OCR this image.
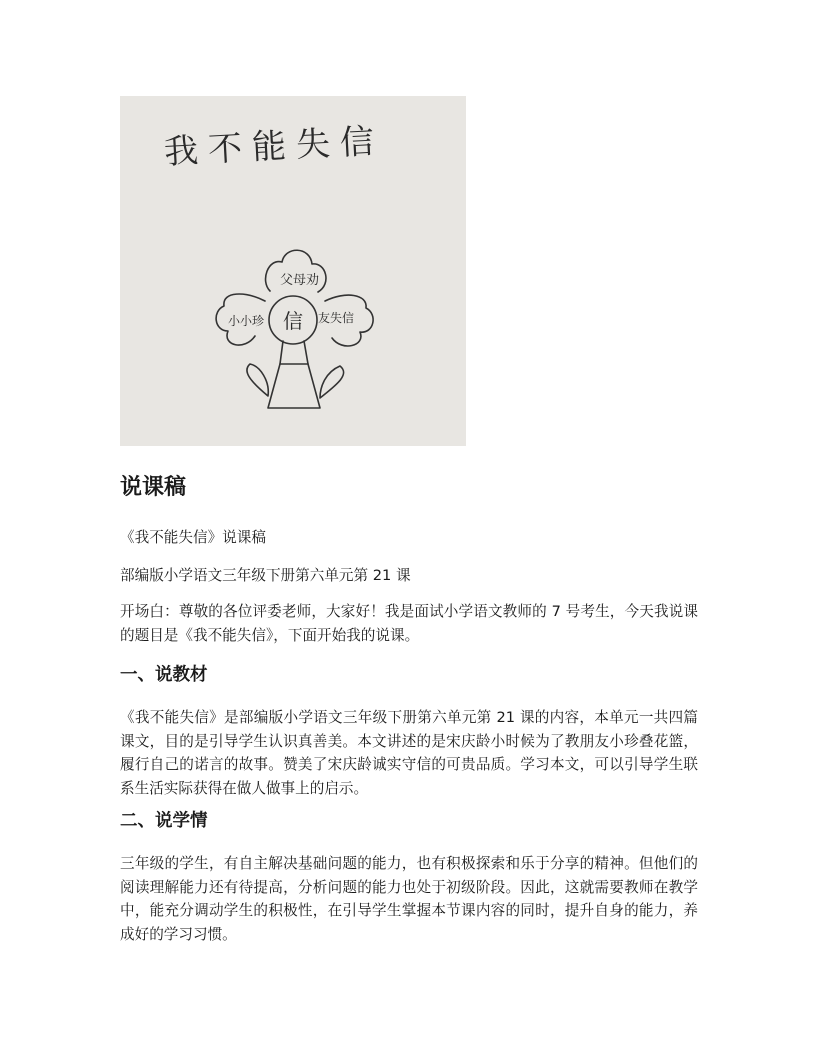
我不能失信
父母劝
小小珍	友失信
信
说课稿

《我不能失信》说课稿

部编版小学语文三年级下册第六单元第 21 课

开场白：尊敬的各位评委老师，大家好！我是面试小学语文教师的 7 号考生，今天我说课的题目是《我不能失信》，下面开始我的说课。

一、说教材

《我不能失信》是部编版小学语文三年级下册第六单元第 21 课的内容，本单元一共四篇课文，目的是引导学生认识真善美。本文讲述的是宋庆龄小时候为了教朋友小珍叠花篮，履行自己的诺言的故事。赞美了宋庆龄诚实守信的可贵品质。学习本文，可以引导学生联系生活实际获得在做人做事上的启示。

二、说学情

三年级的学生，有自主解决基础问题的能力，也有积极探索和乐于分享的精神。但他们的阅读理解能力还有待提高，分析问题的能力也处于初级阶段。因此，这就需要教师在教学中，能充分调动学生的积极性，在引导学生掌握本节课内容的同时，提升自身的能力，养成好的学习习惯。
